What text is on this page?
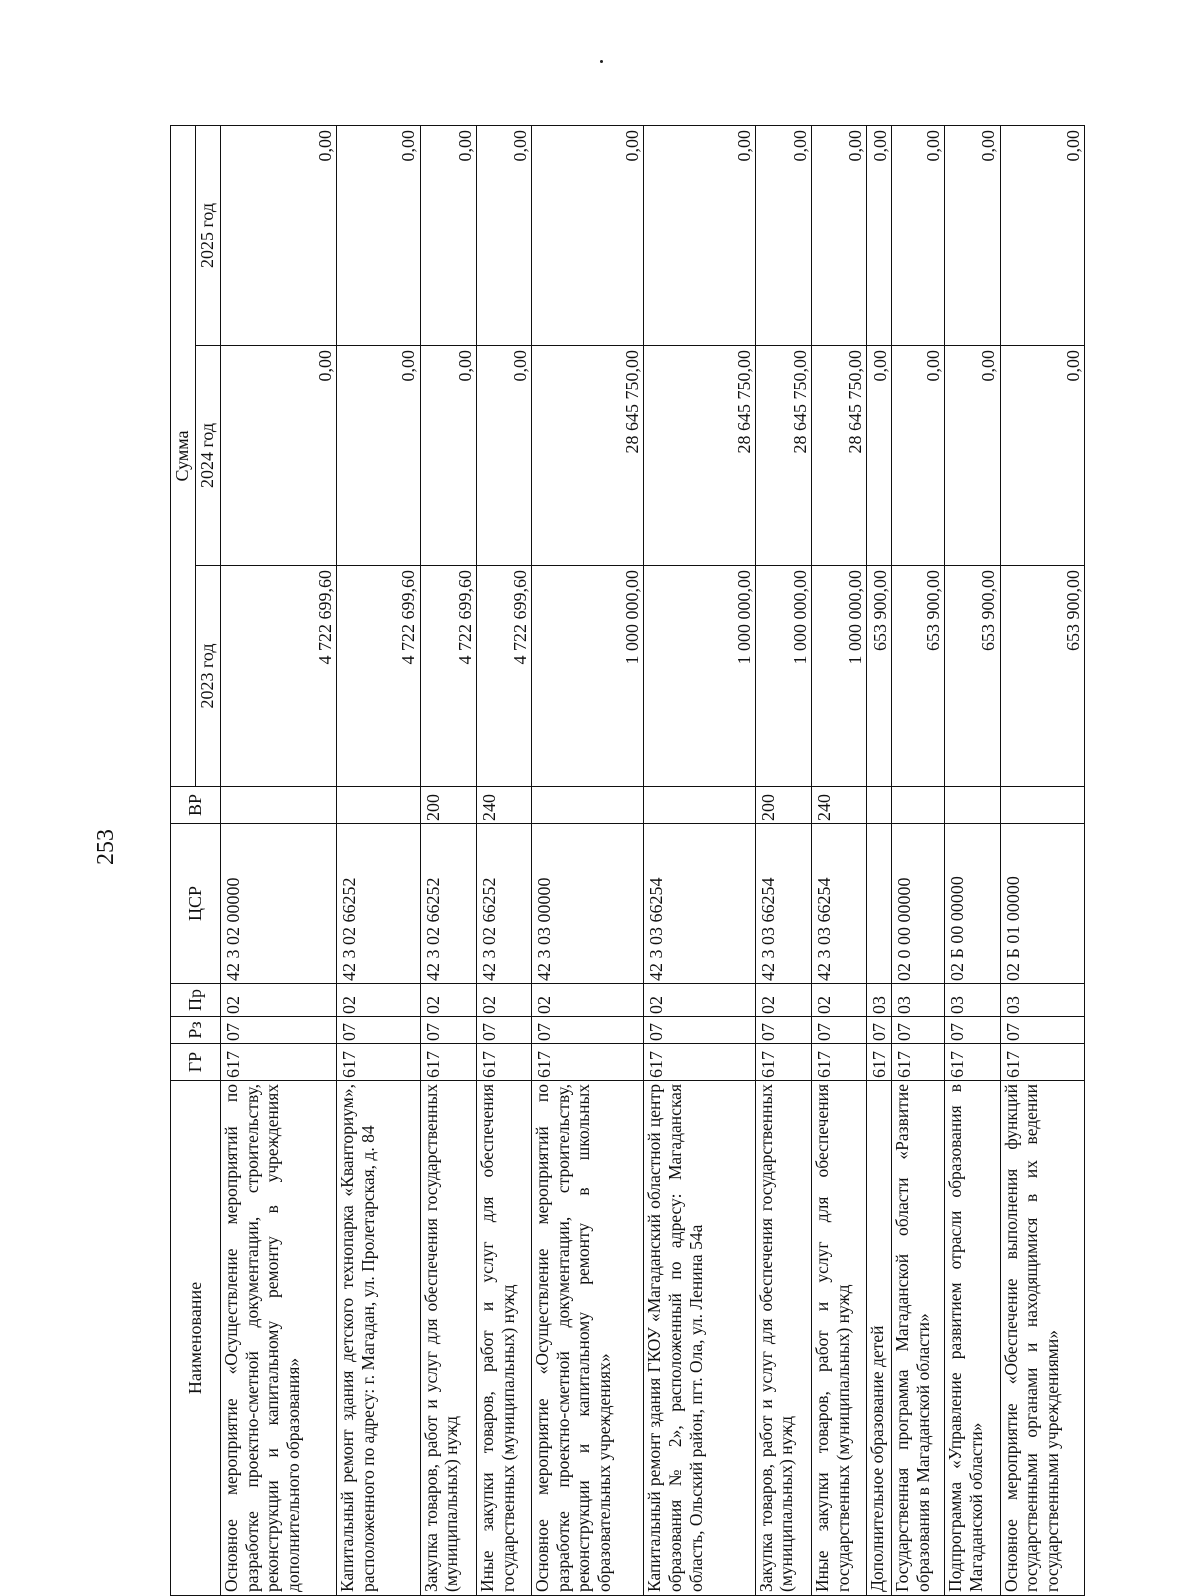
253
Наименование	ГР	Рз	Пр	ЦСР	ВР	Сумма		
						2023 год	2024 год	2025 год
Основное мероприятие «Осуществление мероприятий по разработке проектно-сметной документации, строительству, реконструкции и капитальному ремонту в учреждениях дополнительного образования»	617	07	02	42 3 02 00000		4 722 699,60	0,00	0,00
Капитальный ремонт здания детского технопарка «Кванториум», расположенного по адресу: г. Магадан, ул. Пролетарская, д. 84	617	07	02	42 3 02 66252		4 722 699,60	0,00	0,00
Закупка товаров, работ и услуг для обеспечения государственных (муниципальных) нужд	617	07	02	42 3 02 66252	200	4 722 699,60	0,00	0,00
Иные закупки товаров, работ и услуг для обеспечения государственных (муниципальных) нужд	617	07	02	42 3 02 66252	240	4 722 699,60	0,00	0,00
Основное мероприятие «Осуществление мероприятий по разработке проектно-сметной документации, строительству, реконструкции и капитальному ремонту в школьных образовательных учреждениях»	617	07	02	42 3 03 00000		1 000 000,00	28 645 750,00	0,00
Капитальный ремонт здания ГКОУ «Магаданский областной центр образования № 2», расположенный по адресу: Магаданская область, Ольский район, пгт. Ола, ул. Ленина 54а	617	07	02	42 3 03 66254		1 000 000,00	28 645 750,00	0,00
Закупка товаров, работ и услуг для обеспечения государственных (муниципальных) нужд	617	07	02	42 3 03 66254	200	1 000 000,00	28 645 750,00	0,00
Иные закупки товаров, работ и услуг для обеспечения государственных (муниципальных) нужд	617	07	02	42 3 03 66254	240	1 000 000,00	28 645 750,00	0,00
Дополнительное образование детей	617	07	03			653 900,00	0,00	0,00
Государственная программа Магаданской области «Развитие образования в Магаданской области»	617	07	03	02 0 00 00000		653 900,00	0,00	0,00
Подпрограмма «Управление развитием отрасли образования в Магаданской области»	617	07	03	02 Б 00 00000		653 900,00	0,00	0,00
Основное мероприятие «Обеспечение выполнения функций государственными органами и находящимися в их ведении государственными учреждениями»	617	07	03	02 Б 01 00000		653 900,00	0,00	0,00
